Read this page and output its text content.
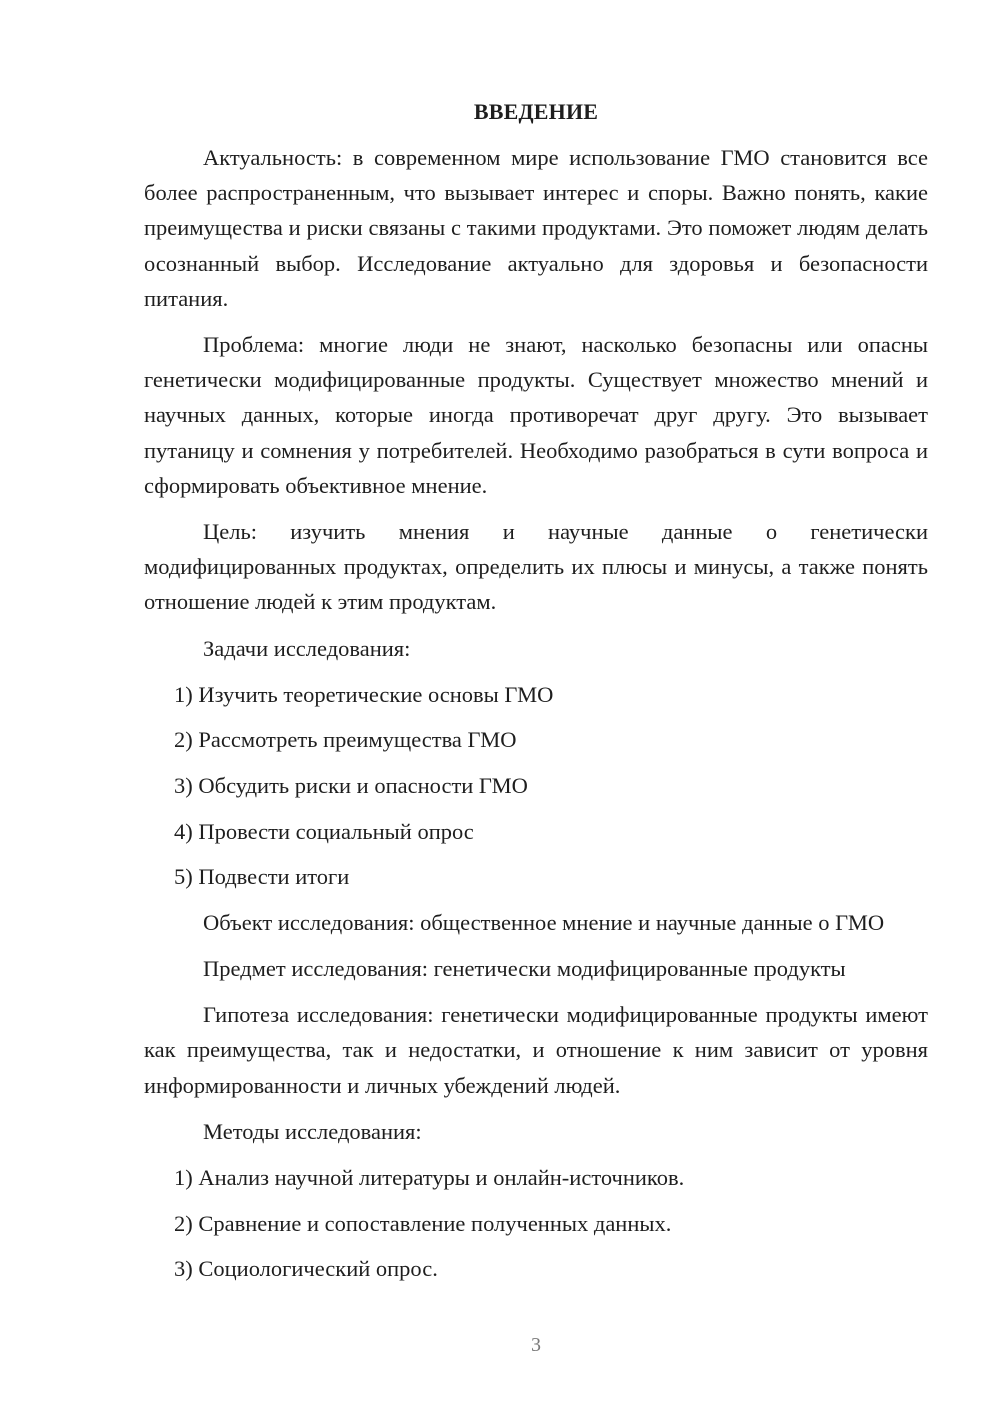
ВВЕДЕНИЕ

Актуальность: в современном мире использование ГМО становится все более распространенным, что вызывает интерес и споры. Важно понять, какие преимущества и риски связаны с такими продуктами. Это поможет людям делать осознанный выбор. Исследование актуально для здоровья и безопасности питания.

Проблема: многие люди не знают, насколько безопасны или опасны генетически модифицированные продукты. Существует множество мнений и научных данных, которые иногда противоречат друг другу. Это вызывает путаницу и сомнения у потребителей. Необходимо разобраться в сути вопроса и сформировать объективное мнение.

Цель: изучить мнения и научные данные о генетически модифицированных продуктах, определить их плюсы и минусы, а также понять отношение людей к этим продуктам.

Задачи исследования:

1) Изучить теоретические основы ГМО
2) Рассмотреть преимущества ГМО
3) Обсудить риски и опасности ГМО
4) Провести социальный опрос
5) Подвести итоги

Объект исследования: общественное мнение и научные данные о ГМО

Предмет исследования: генетически модифицированные продукты

Гипотеза исследования: генетически модифицированные продукты имеют как преимущества, так и недостатки, и отношение к ним зависит от уровня информированности и личных убеждений людей.

Методы исследования:

1) Анализ научной литературы и онлайн-источников.
2) Сравнение и сопоставление полученных данных.
3) Социологический опрос.
3
